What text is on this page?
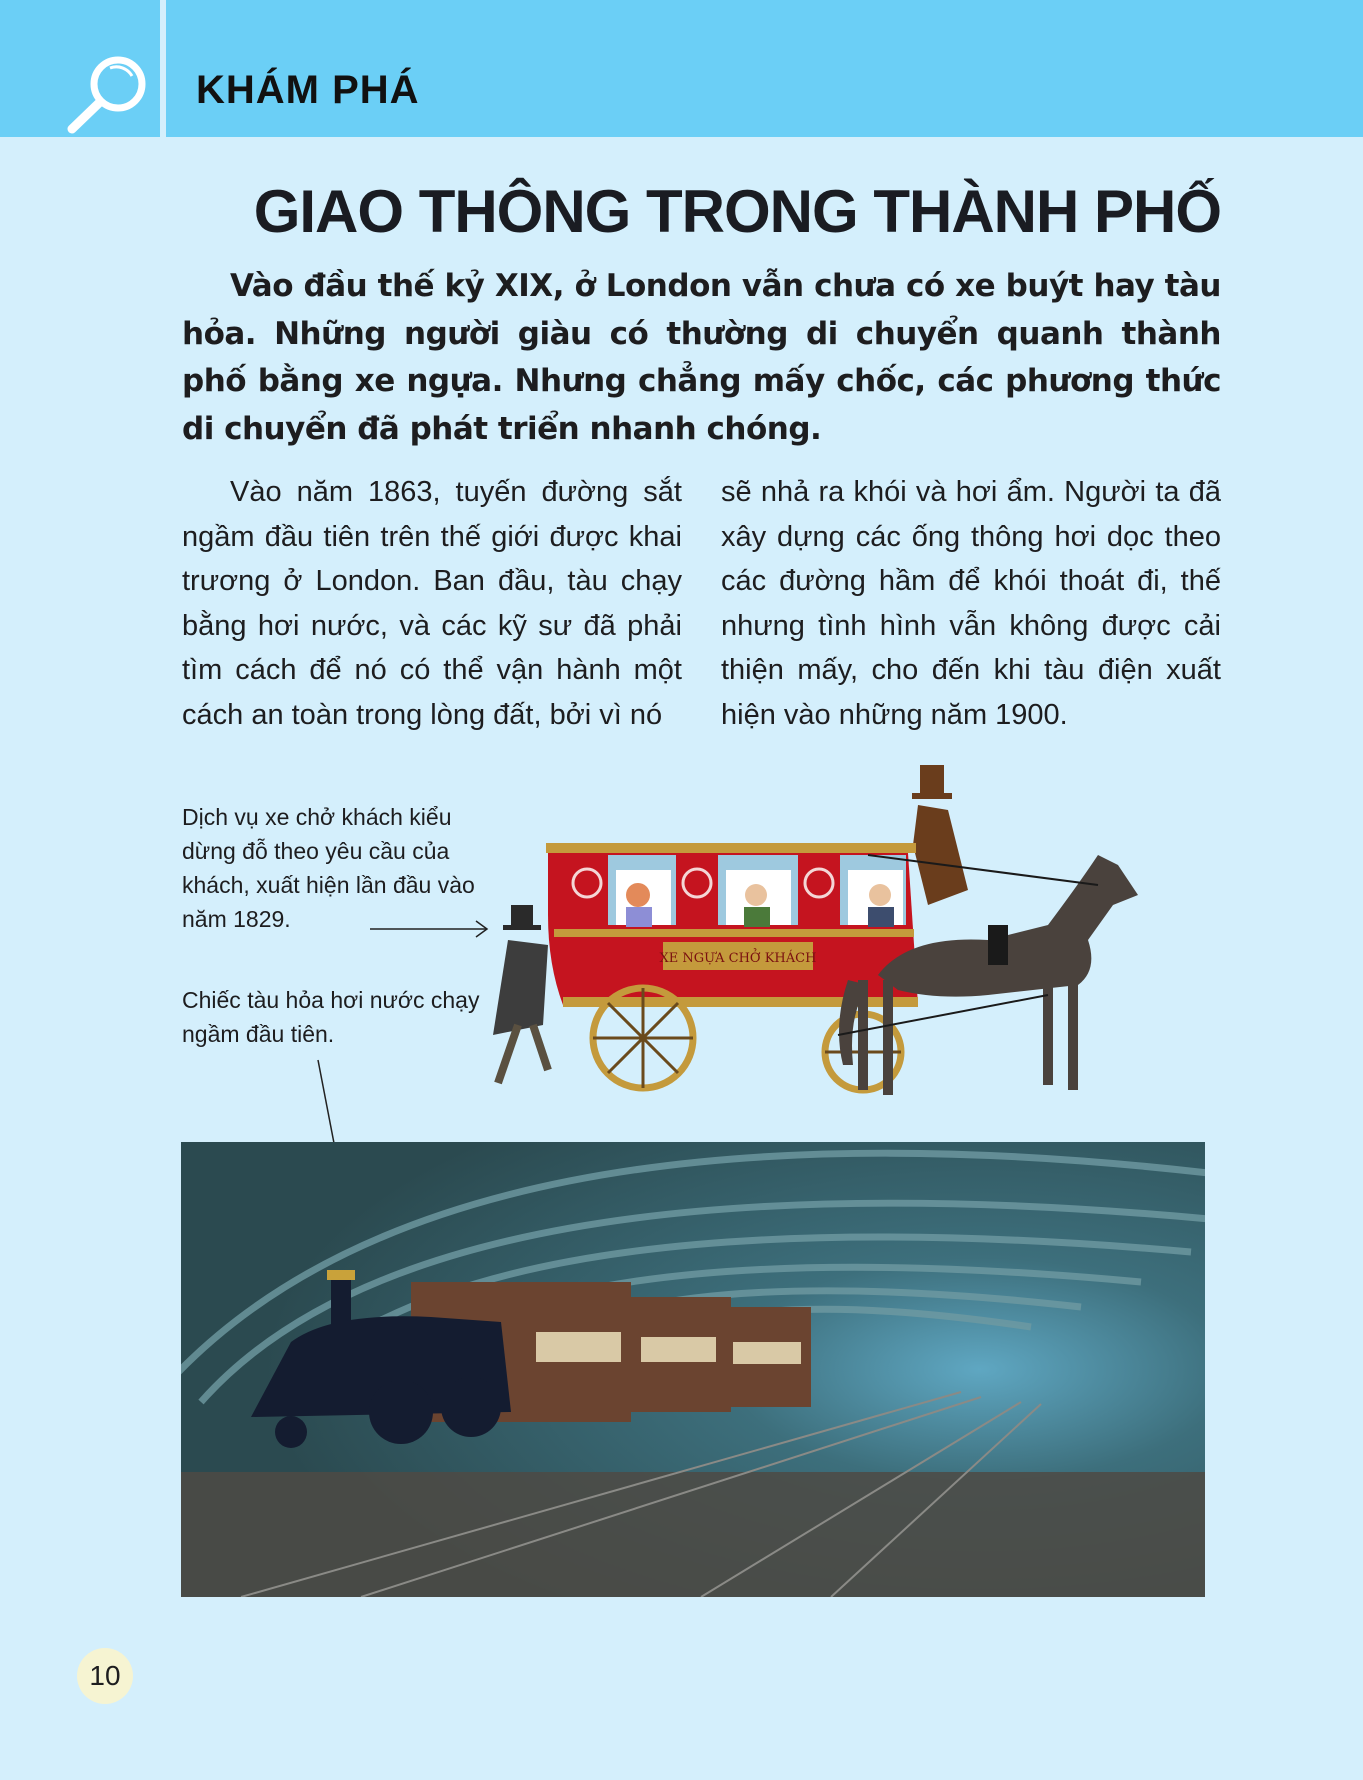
KHÁM PHÁ
GIAO THÔNG TRONG THÀNH PHỐ
Vào đầu thế kỷ XIX, ở London vẫn chưa có xe buýt hay tàu hỏa. Những người giàu có thường di chuyển quanh thành phố bằng xe ngựa. Nhưng chẳng mấy chốc, các phương thức di chuyển đã phát triển nhanh chóng.
Vào năm 1863, tuyến đường sắt ngầm đầu tiên trên thế giới được khai trương ở London. Ban đầu, tàu chạy bằng hơi nước, và các kỹ sư đã phải tìm cách để nó có thể vận hành một cách an toàn trong lòng đất, bởi vì nó
sẽ nhả ra khói và hơi ẩm. Người ta đã xây dựng các ống thông hơi dọc theo các đường hầm để khói thoát đi, thế nhưng tình hình vẫn không được cải thiện mấy, cho đến khi tàu điện xuất hiện vào những năm 1900.
Dịch vụ xe chở khách kiểu dừng đỗ theo yêu cầu của khách, xuất hiện lần đầu vào năm 1829.
Chiếc tàu hỏa hơi nước chạy ngầm đầu tiên.
XE NGỰA CHỞ KHÁCH
10
